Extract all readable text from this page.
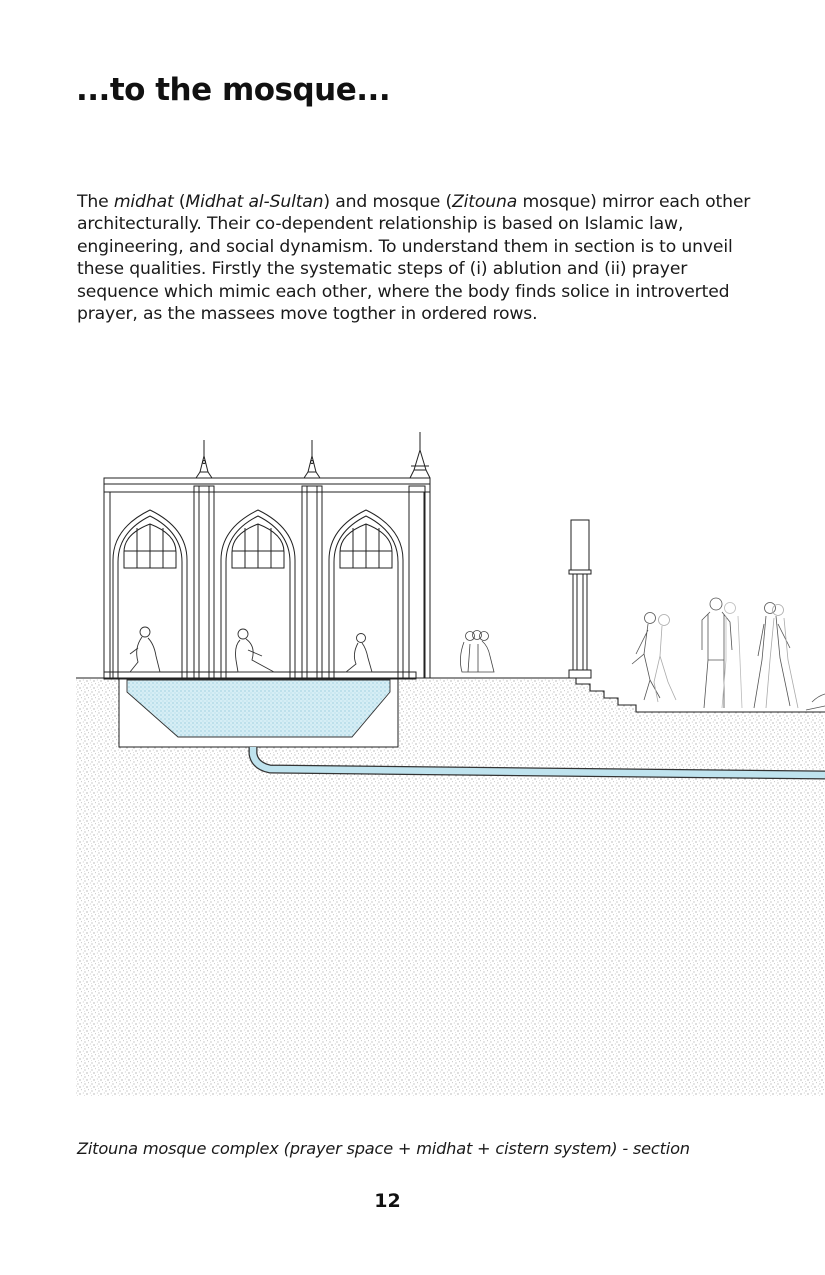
...to the mosque...

The midhat (Midhat al-Sultan) and mosque (Zitouna mosque) mirror each other architecturally. Their co-dependent relationship is based on Islamic law, engineering, and social dynamism. To understand them in section is to unveil these qualities. Firstly the systematic steps of (i) ablution and (ii) prayer sequence which mimic each other, where the body finds solice in introverted prayer, as the massees move togther in ordered rows.

Zitouna mosque complex (prayer space + midhat + cistern system) - section

12
